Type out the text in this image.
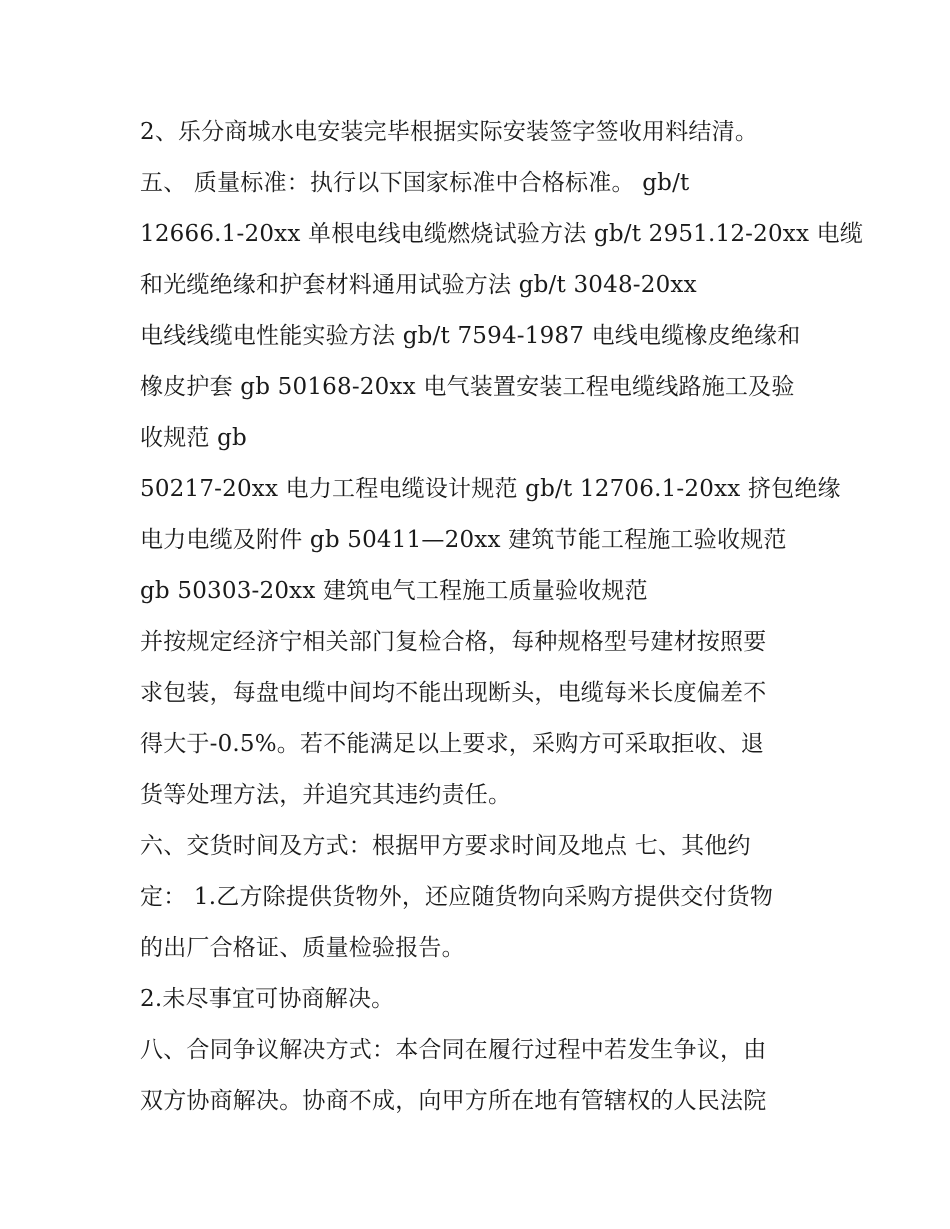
2、乐分商城水电安装完毕根据实际安装签字签收用料结清。
五、 质量标准：执行以下国家标准中合格标准。 gb/t
12666.1-20xx 单根电线电缆燃烧试验方法 gb/t 2951.12-20xx 电缆
和光缆绝缘和护套材料通用试验方法 gb/t 3048-20xx
电线线缆电性能实验方法 gb/t 7594-1987 电线电缆橡皮绝缘和
橡皮护套 gb 50168-20xx 电气装置安装工程电缆线路施工及验
收规范 gb
50217-20xx 电力工程电缆设计规范 gb/t 12706.1-20xx 挤包绝缘
电力电缆及附件 gb 50411—20xx 建筑节能工程施工验收规范
gb 50303-20xx 建筑电气工程施工质量验收规范
并按规定经济宁相关部门复检合格，每种规格型号建材按照要
求包装，每盘电缆中间均不能出现断头，电缆每米长度偏差不
得大于-0.5%。若不能满足以上要求，采购方可采取拒收、退
货等处理方法，并追究其违约责任。
六、交货时间及方式：根据甲方要求时间及地点 七、其他约
定： 1.乙方除提供货物外，还应随货物向采购方提供交付货物
的出厂合格证、质量检验报告。
2.未尽事宜可协商解决。
八、合同争议解决方式：本合同在履行过程中若发生争议，由
双方协商解决。协商不成，向甲方所在地有管辖权的人民法院
